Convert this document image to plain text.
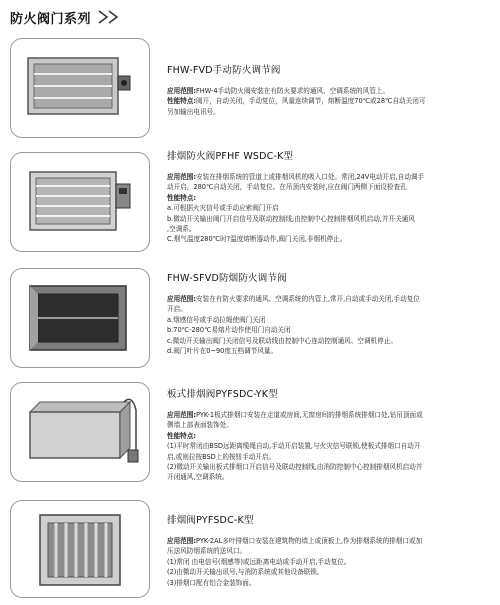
防火阀门系列
FHW-FVD手动防火调节阀
应用范围:FHW-4手动防火阀安装在有防火要求的通风、空调系统的风管上。
性能特点:阀开，自动关闭，手动复位，风量连续调节，熔断温度70℃或28℃自动关闭可
另加输出电讯号。
排烟防火阀PFHF WSDC-K型
应用范围:安装在排烟系统的管道上或排烟风机的吸入口处。常闭,24V电动开启,自动调手
动开启，280℃自动关闭，手动复位。在吊顶内安装时,应在阀门两侧下面设检查孔
性能特点:
a.可根据火灾信号或手动应索阀门开启
b.微动开关输出阀门开启信号及联动控制线,由控制中心控制排烟风机启动,并开关通风
,空调系。
C.烟气温度280℃时?温度熔断器动作,阀门关闭,非烟机停止。
FHW-SFVD防烟防火调节阀
应用范围:安装在有防火要求的通风、空调系统的内管上,常开,自动或手动关闭,手动复位
开启。
a.烟感信号或手动拉绳使阀门关闭
b.70℃-280℃易熔片动作使用门自动关闭
c.微动开关输出阀门关闭信号及联动线由控制中心连动控制通风、空调机停止。
d.阀门叶片在0~90度五档调节风量。
板式排烟阀PYFSDC-YK型
应用范围:PYK-1板式排烟口安装在走道或房间,无窗房间的排烟系统排烟口处,钻吊顶面或
侧墙上部表面装饰处。
性能特点:
(1)平时常闭由BSD远距离缆绳自动,手动开启装置,与火灾信号联锁,使板式排烟口自动开
启,或则拉按BSD上的按钮手动开启。
(2)微动开关输出板式排烟口开启信号及联动控制线,由消防控制中心控制排烟风机启动并
开闭通风,空调系统。
排烟阀PYFSDC-K型
应用范围:PYK-2AL多叶排烟口安装在建筑物的墙上或顶板上,作为排烟系统的排烟口或加
压送风防烟系统的送风口。
(1)常闭 由电信号(烟感等)或远距离电动或手动开启,手动复位。
(2)由微动开关输出讯号,与消防系统或其他设备联锁。
(3)排烟口配有铝合金装饰面。
